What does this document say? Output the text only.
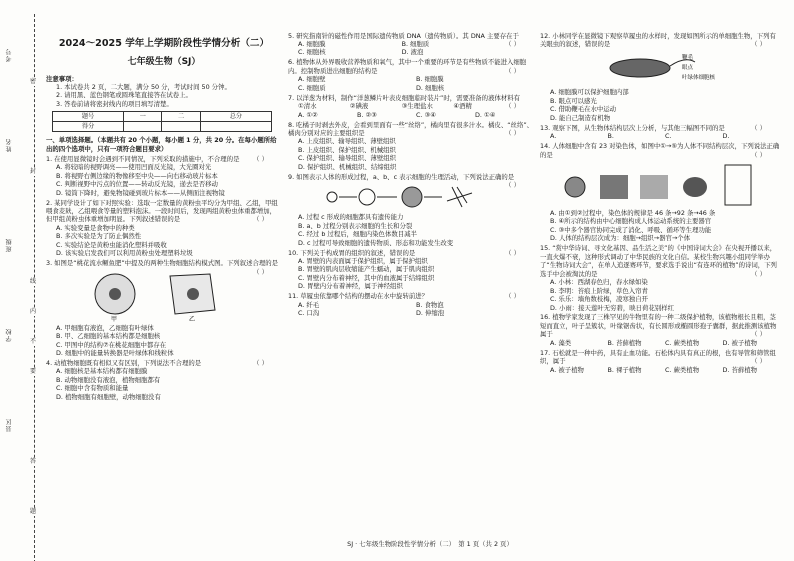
考号
姓名
班级
学校
县区
密
封
线
内
不
要
答
题
2024～2025 学年上学期阶段性学情分析（二）
七年级生物（SJ）
注意事项：
1. 本试卷共 2 页，二大题，满分 50 分，考试时间 50 分钟。
2. 请用黑、蓝色钢笔或圆珠笔直接答在试卷上。
3. 答卷前请将密封线内的项目填写清楚。
题号	一	二	总分
得分			
一、单项选择题。（本题共有 20 个小题，每小题 1 分，共 20 分。在每小题所给出的四个选项中，只有一项符合题目要求）
1. 在使用显微镜时会遇到不同情况，下列采取的措施中，不合理的是 （ ）
A. 将较暗的视野调亮——使用凹面反光镜，大光圈对光
B. 将视野右侧边缘的物像移至中央——向右移动玻片标本
C. 判断视野中污点的位置——转动反光镜，递去是否移动
D. 镜筒下降时，避免物镜碰到玻片标本——从侧面注视物镜
2. 某同学设计了如下对照实验：选取一定数量的黄粉虫平均分为甲组、乙组，甲组喂食麦麸，乙组喂食等量的塑料泡沫。一段时间后，发现两组黄粉虫体重都增加，但甲组黄粉虫体重增加明显。下列叙述错误的是	（ ）
A. 实验变量是食物中的种类
B. 多次实验是为了防止偶然性
C. 实验结论是黄粉虫能消化塑料并吸收
D. 该实验启发我们可以利用黄粉虫处理塑料垃圾
3. 如图是“桃花流水鳜鱼肥”中提及的两种生物细胞结构模式图。下列叙述合理的是
（ ）
甲	乙
A. 甲细胞有液泡，乙细胞有叶绿体
B. 甲、乙细胞的基本结构都是细胞核
C. 甲图中的结构⑦在桃花细胞中都存在
D. 细胞中的能量转换器是叶绿体和线粒体
4. 动植物细胞既有相似又有区别，下列说法不合理的是	（ ）
A. 细胞核是基本结构都有细胞膜
B. 动物细胞没有液泡，植物细胞都有
C. 细胞中含有物质和能量
D. 植物细胞有细胞壁，动物细胞没有
5. 研究指南针的磁性作用是国际遗传物质 DNA（遗传物质）。其 DNA 主要存在于
（ ）
A. 细胞膜	B. 细胞质
C. 细胞核	D. 液泡
6. 植物体从外界吸收营养物质和氧气，其中一个重要的环节是有些物质不能进入细胞内。控制物质进出细胞的结构是	（ ）
A. 细胞壁	B. 细胞膜
C. 细胞质	D. 细胞核
7. 以洋葱为材料，制作“洋葱鳞片叶表皮细胞临时装片”时，需要准备的液体材料有
（ ）
①清水	②碘液	③生理盐水	④酒精
A. ①②	B. ②③	C. ③④	D. ①④
8. 吃橘子时剥去外皮，会看到里面有一些“丝络”，橘肉里有很多汁水。橘皮、“丝络”、橘肉分别对应的主要组织是	（ ）
A. 上皮组织、输导组织、薄壁组织
B. 上皮组织、保护组织、机械组织
C. 保护组织、输导组织、薄壁组织
D. 保护组织、机械组织、结缔组织
9. 如图表示人体的形成过程，a、b、c 表示细胞的生理活动，下列说法正确的是
（ ）
A. 过程 c 形成的细胞都具有遗传能力
B. a、b 过程分别表示细胞的生长和分裂
C. 经过 b 过程后，细胞内染色体数目减半
D. c 过程可导致细胞的遗传物质、形态和功能发生改变
10. 下列关于构成胃的组织的叙述，错误的是	（ ）
A. 胃壁的内表面属于保护组织，属于保护组织
B. 胃壁的肌肉层收缩能产生蠕动，属于肌肉组织
C. 胃壁内分布着神经，其中的血液属于结缔组织
D. 胃壁内分布着神经，属于神经组织
11. 草履虫依靠哪个结构的摆动在水中旋转前进？	（ ）
A. 纤毛	B. 食物泡
C. 口沟	D. 伸缩泡
12. 小林同学在显微镜下观察草履虫的水样时，发现如图所示的单细胞生物，下列有关眼虫的叙述，错误的是	（ ）
鞭毛
眼点
叶绿体细胞核
A. 细胞膜可以保护细胞内部
B. 眼点可以感光
C. 借助鞭毛在水中运动
D. 能自己制造有机物
13. 观察下图，从生物体结构层次上分析，与其他三幅图不同的是	（ ）
A.	B.	C.	D.
14. 人体细胞中含有 23 对染色体，如图中①→⑤为人体不同结构层次，下列说法正确的是	（ ）
A. 由①到②过程中，染色体的规律是 46 条→92 条→46 条
B. ④所示的结构由中心细胞构成人体运动系统的主要器官
C. ③中多个器官协同完成了消化、呼吸、循环等生理功能
D. 人体的结构层次成为：细胞→组织→器官→个体
15. “赏中华诗词、寻文化基因、品生活之美”的《中国诗词大会》在央视开播以来，一直火爆不衰，这种形式调动了中华民族的文化自信。某校生物兴趣小组同学举办了“生物诗词大会”，在单人追逐赛环节，要求选手说出“有连环的植物”的诗词，下列选手中会被淘汰的是	（ ）
A. 小林：西湖春色归，春水绿如染
B. 李明：苔痕上阶绿，草色入帘青
C. 乐乐：墙角数枝梅，凌寒独自开
D. 小雨：接天莲叶无穷碧，映日荷花别样红
16. 植物学家发现了三株罕见的牛物里有的一种二级保护植物，该植物根长且粗，茎短而直立，叶子呈簇状，叶缘锯齿状，有长圆形或椭圆形孢子囊群，据此推测该植物属于	（ ）
A. 藻类	B. 苔藓植物	C. 蕨类植物	D. 被子植物
17. 石松就是一种中药，具有止血功能。石松体内具有真正的根，也有导管和筛管组织，属于	（ ）
A. 被子植物	B. 裸子植物	C. 蕨类植物	D. 苔藓植物
SJ · 七年级生物阶段性学情分析（二）　第 1 页（共 2 页）
